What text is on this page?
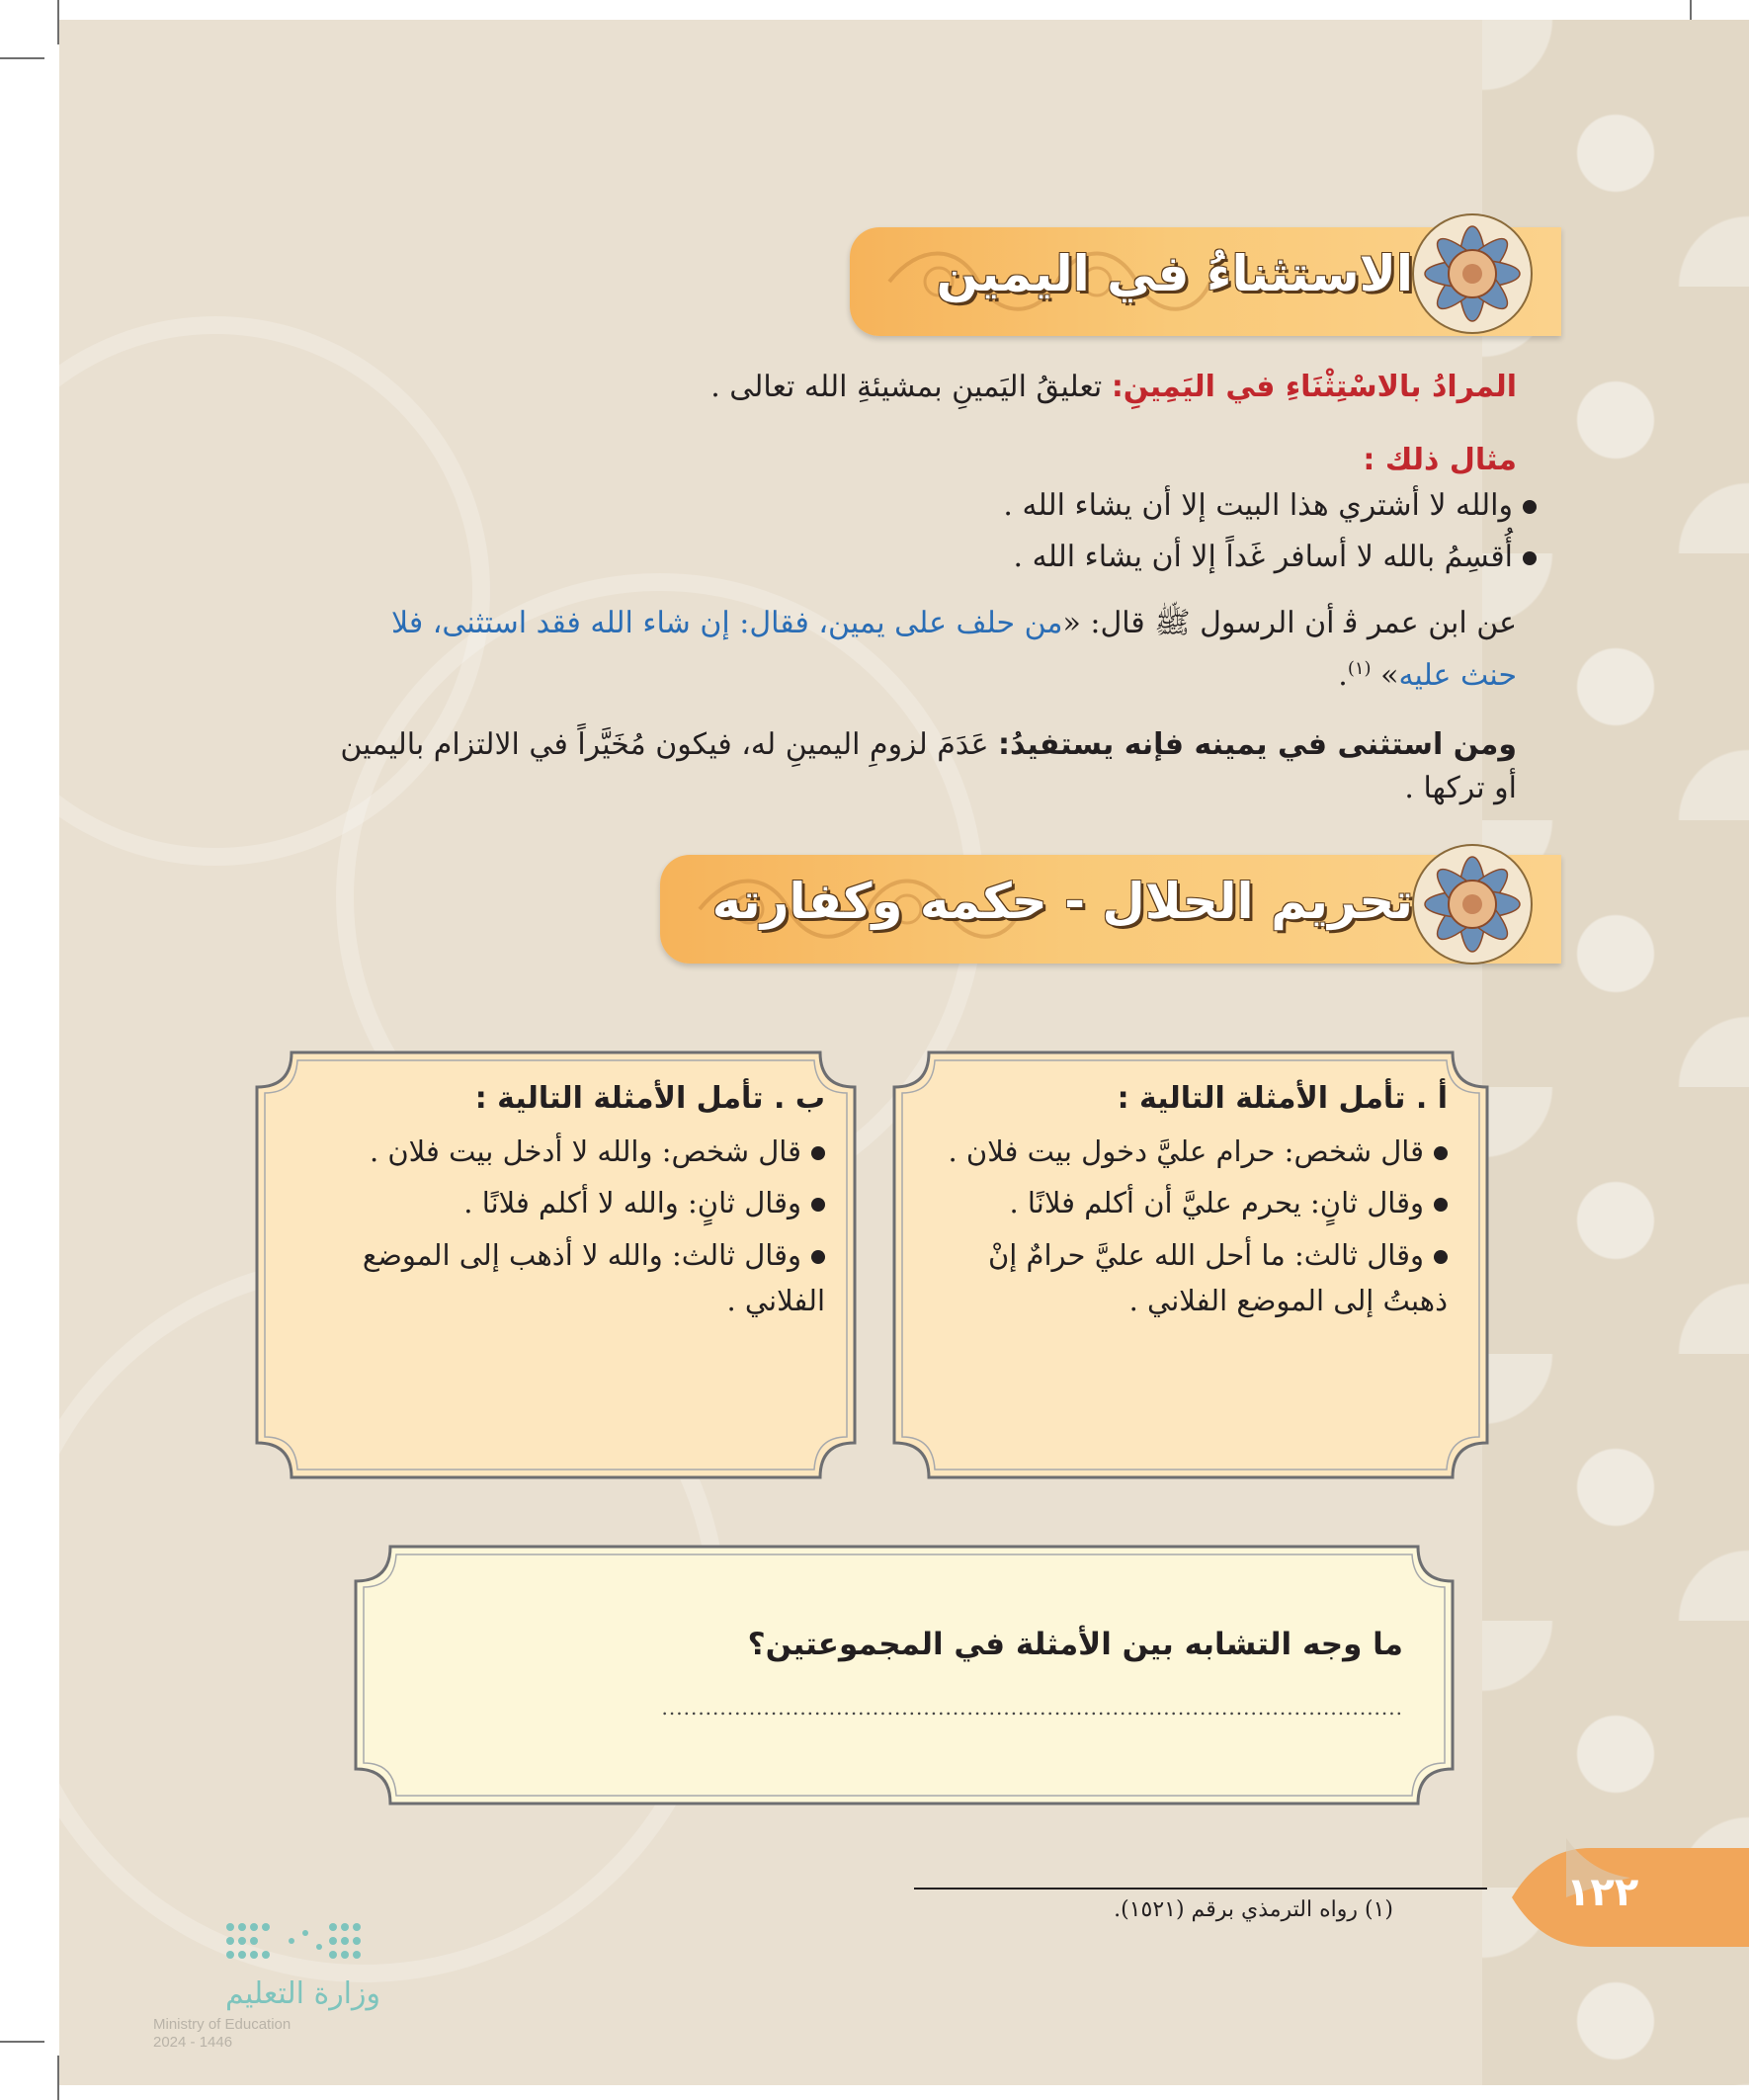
الاستثناءُ في اليمين
المرادُ بالاسْتِثْنَاءِ في اليَمِينِ: تعليقُ اليَمينِ بمشيئةِ الله تعالى .
مثال ذلك :
والله لا أشتري هذا البيت إلا أن يشاء الله .
أُقسِمُ بالله لا أسافر غَداً إلا أن يشاء الله .
عن ابن عمر ﭬ أن الرسول ﷺ قال: «من حلف على يمين، فقال: إن شاء الله فقد استثنى، فلا حنث عليه» $^{(١)}$.
ومن استثنى في يمينه فإنه يستفيدُ: عَدَمَ لزومِ اليمينِ له، فيكون مُخَيَّراً في الالتزام باليمين أو تركها .
تحريم الحلال - حكمه وكفارته
أ . تأمل الأمثلة التالية :
قال شخص: حرام عليَّ دخول بيت فلان .
وقال ثانٍ: يحرم عليَّ أن أكلم فلانًا .
وقال ثالث: ما أحل الله عليَّ حرامٌ إنْ ذهبتُ إلى الموضع الفلاني .
ب . تأمل الأمثلة التالية :
قال شخص: والله لا أدخل بيت فلان .
وقال ثانٍ: والله لا أكلم فلانًا .
وقال ثالث: والله لا أذهب إلى الموضع الفلاني .
ما وجه التشابه بين الأمثلة في المجموعتين؟
......................................................................................................
(١) رواه الترمذي برقم (١٥٢١).	١٢٢
وزارة التعليم
Ministry of Education
2024 - 1446
